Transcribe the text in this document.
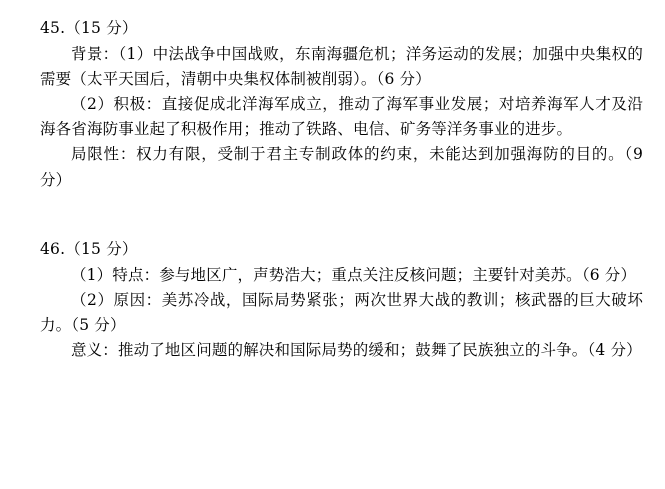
45.（15 分）

背景：（1）中法战争中国战败，东南海疆危机；洋务运动的发展；加强中央集权的需要（太平天国后，清朝中央集权体制被削弱）。（6 分）

（2）积极：直接促成北洋海军成立，推动了海军事业发展；对培养海军人才及沿海各省海防事业起了积极作用；推动了铁路、电信、矿务等洋务事业的进步。

局限性：权力有限，受制于君主专制政体的约束，未能达到加强海防的目的。（9 分）

46.（15 分）

（1）特点：参与地区广，声势浩大；重点关注反核问题；主要针对美苏。（6 分）

（2）原因：美苏冷战，国际局势紧张；两次世界大战的教训；核武器的巨大破坏力。（5 分）

意义：推动了地区问题的解决和国际局势的缓和；鼓舞了民族独立的斗争。（4 分）
